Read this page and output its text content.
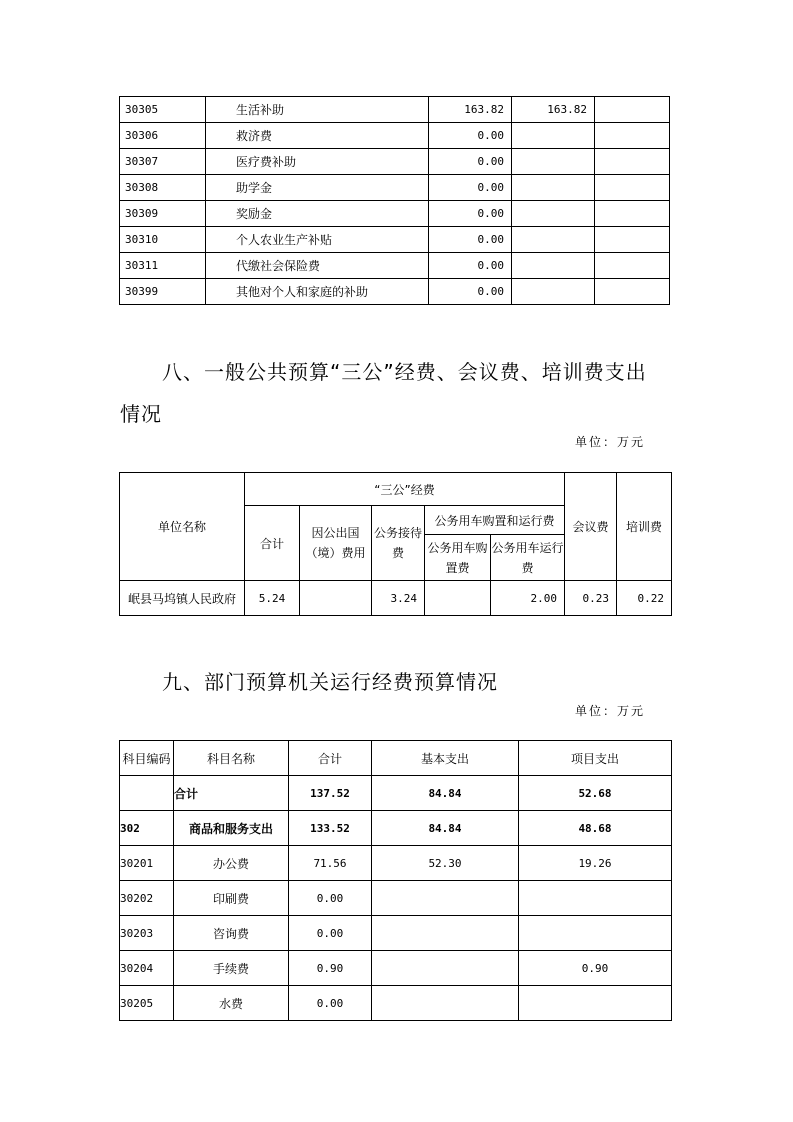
30305	生活补助	163.82	163.82	
30306	救济费	0.00		
30307	医疗费补助	0.00		
30308	助学金	0.00		
30309	奖励金	0.00		
30310	个人农业生产补贴	0.00		
30311	代缴社会保险费	0.00		
30399	其他对个人和家庭的补助	0.00		
八、一般公共预算“三公”经费、会议费、培训费支出
情况
单位：万元
单位名称	“三公”经费					会议费	培训费
	合计	因公出国（境）费用	公务接待费	公务用车购置和运行费			
				公务用车购置费	公务用车运行费		
岷县马坞镇人民政府	5.24		3.24		2.00	0.23	0.22
九、部门预算机关运行经费预算情况
单位：万元
科目编码	科目名称	合计	基本支出	项目支出
	合计	137.52	84.84	52.68
302	商品和服务支出	133.52	84.84	48.68
30201	办公费	71.56	52.30	19.26
30202	印刷费	0.00		
30203	咨询费	0.00		
30204	手续费	0.90		0.90
30205	水费	0.00		
